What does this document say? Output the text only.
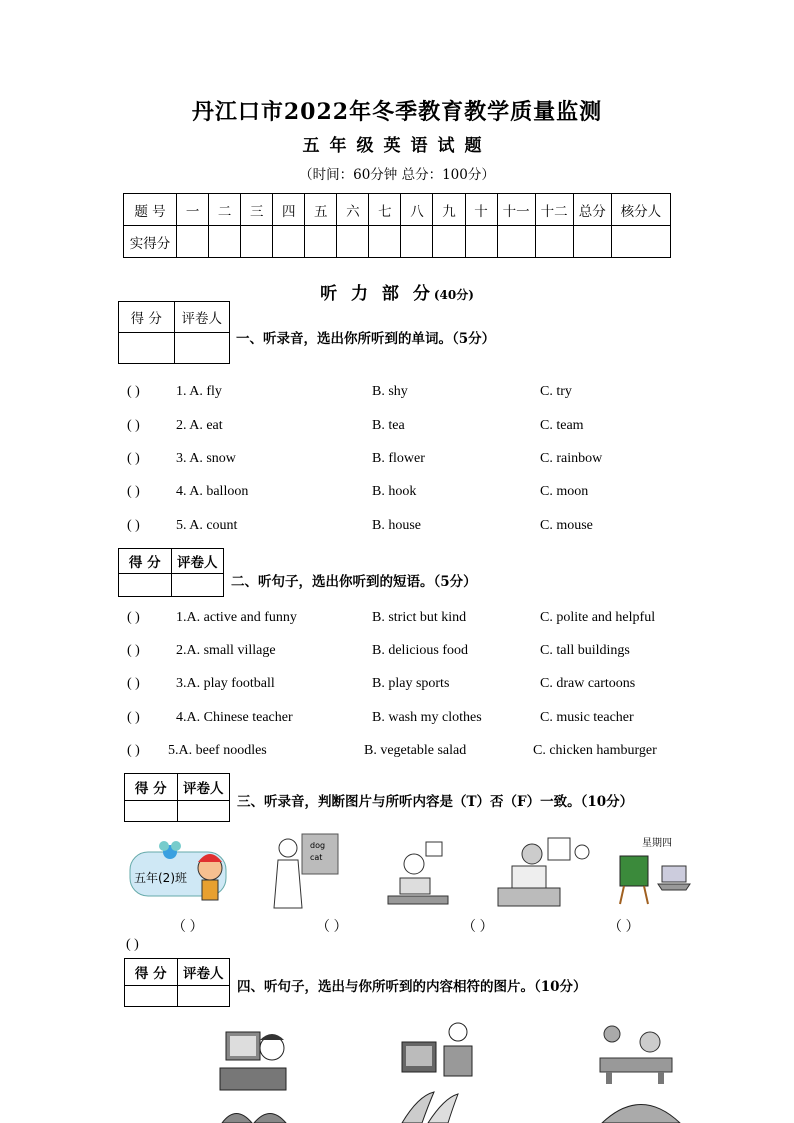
丹江口市2022年冬季教育教学质量监测
五年级英语试题
（时间：60分钟 总分：100分）
题 号	一	二	三	四	五	六	七	八	九	十	十一	十二	总分	核分人
实得分														
听 力 部 分(40分)
得 分	评卷人

一、听录音，选出你所听到的单词。（5分）
( )	1. A. fly	B. shy	C. try
( )	2. A. eat	B. tea	C. team
( )	3. A. snow	B. flower	C. rainbow
( )	4. A. balloon	B. hook	C. moon
( )	5. A. count	B. house	C. mouse
得 分	评卷人

二、听句子，选出你听到的短语。（5分）
( )	1.A. active and funny	B. strict but kind	C. polite and helpful
( )	2.A. small village	B. delicious food	C. tall buildings
( )	3.A. play football	B. play sports	C. draw cartoons
( )	4.A. Chinese teacher	B. wash my clothes	C. music teacher
( ) 5.A. beef noodles	B. vegetable salad	C. chicken hamburger
得 分	评卷人

三、听录音，判断图片与所听内容是（T）否（F）一致。（10分）
五年(2)班
dog
cat
星期四
（ ）	（ ）	（ ）	（ ）
( )
得 分	评卷人

四、听句子，选出与你所听到的内容相符的图片。（10分）
